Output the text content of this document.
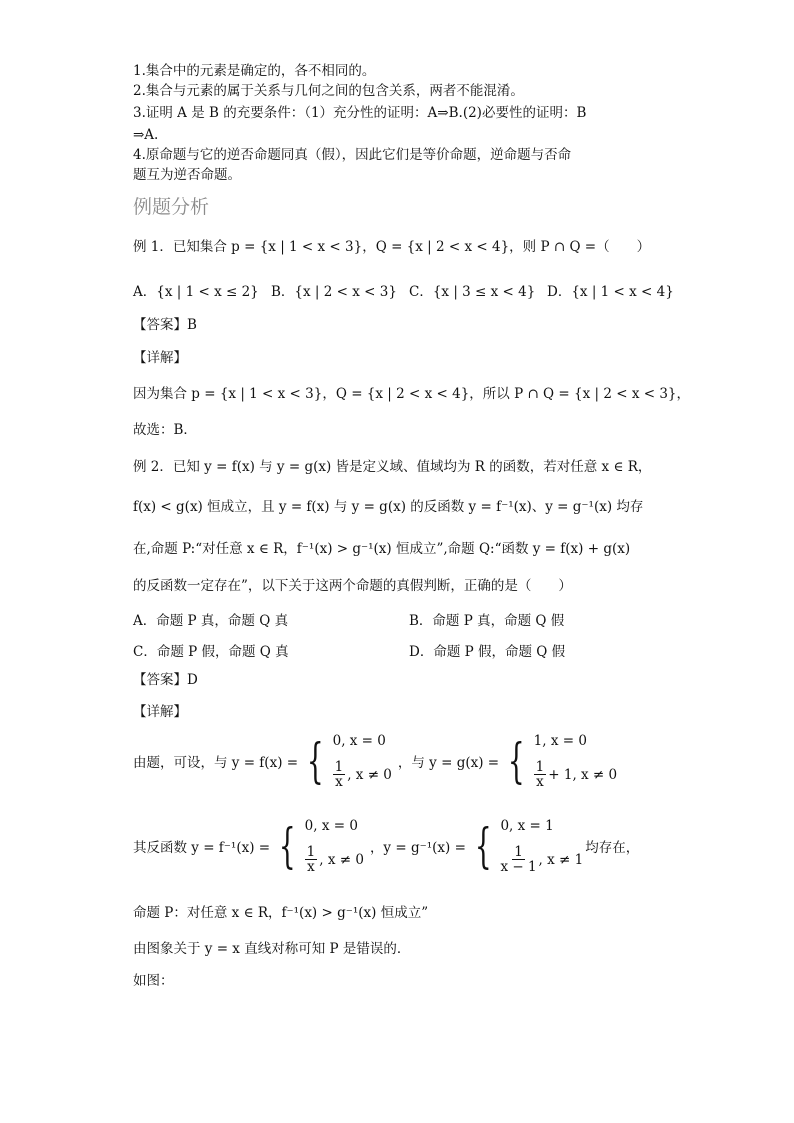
1.集合中的元素是确定的，各不相同的。
2.集合与元素的属于关系与几何之间的包含关系，两者不能混淆。
3.证明 A 是 B 的充要条件：（1）充分性的证明：A⇒B.(2)必要性的证明：B
⇒A.
4.原命题与它的逆否命题同真（假），因此它们是等价命题，逆命题与否命
题互为逆否命题。
例题分析
例 1．已知集合 p = {x | 1 < x < 3}，Q = {x | 2 < x < 4}，则 P ∩ Q =（　　）
A．{x | 1 < x ≤ 2} B．{x | 2 < x < 3} C．{x | 3 ≤ x < 4} D．{x | 1 < x < 4}
【答案】B
【详解】
因为集合 p = {x | 1 < x < 3}，Q = {x | 2 < x < 4}，所以 P ∩ Q = {x | 2 < x < 3}，
故选：B．
例 2．已知 y = f(x) 与 y = g(x) 皆是定义域、值域均为 R 的函数，若对任意 x ∈ R，
f(x) < g(x) 恒成立，且 y = f(x) 与 y = g(x) 的反函数 y = f⁻¹(x)、y = g⁻¹(x) 均存
在,命题 P:“对任意 x ∈ R，f⁻¹(x) > g⁻¹(x) 恒成立”,命题 Q:“函数 y = f(x) + g(x)
的反函数一定存在”，以下关于这两个命题的真假判断，正确的是（　　）
A．命题 P 真，命题 Q 真	B．命题 P 真，命题 Q 假
C．命题 P 假，命题 Q 真	D．命题 P 假，命题 Q 假
【答案】D
【详解】
由题，可设，与 y = f(x) = { 0, x = 0
$\frac{1}{x}$ , x ≠ 0
，与 y = g(x) = { 1, x = 0
$\frac{1}{x} + 1$, x ≠ 0
其反函数 y = f⁻¹(x) = { 0, x = 0
$\frac{1}{x}$ , x ≠ 0
，y = g⁻¹(x) = { 0, x = 1
$\frac{1}{x - 1}$ , x ≠ 1
均存在，
命题 P：对任意 x ∈ R，f⁻¹(x) > g⁻¹(x) 恒成立”
由图象关于 y = x 直线对称可知 P 是错误的．
如图：
